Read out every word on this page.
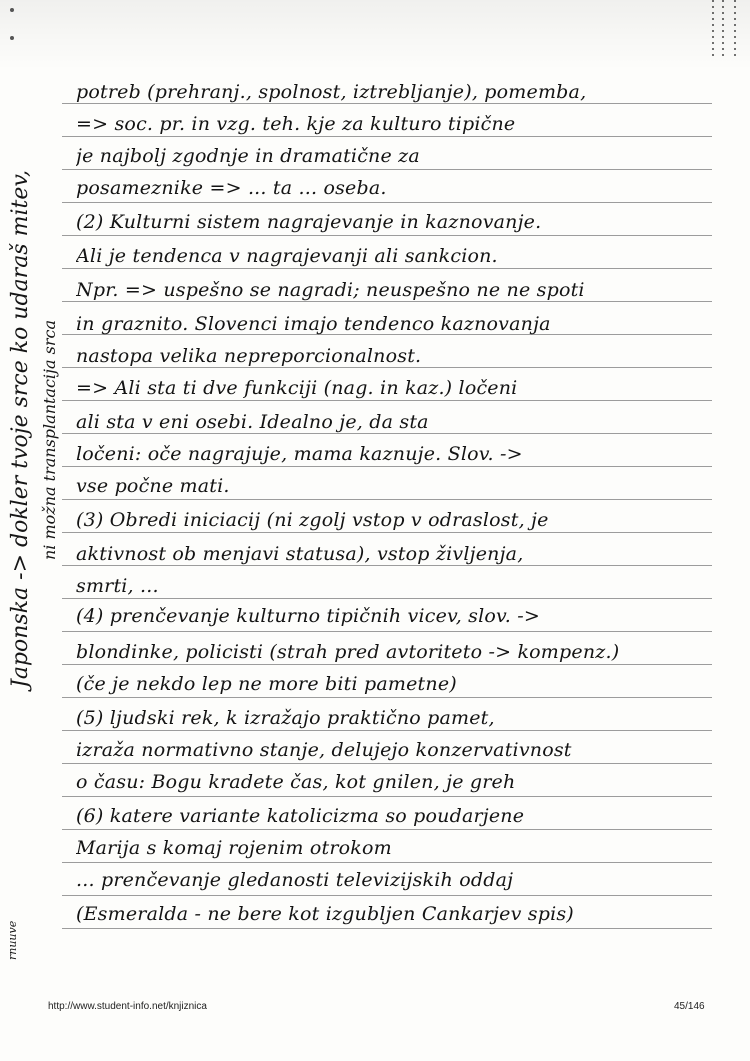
potreb (prehranj., spolnost, iztrebljanje), pomemba,
=> soc. pr. in vzg. teh. kje za kulturo tipične
je najbolj zgodnje in dramatične za
posameznike => ... ta ... oseba.
(2) Kulturni sistem nagrajevanje in kaznovanje.
Ali je tendenca v nagrajevanji ali sankcion.
Npr. => uspešno se nagradi; neuspešno ne ne spoti
in graznito. Slovenci imajo tendenco kaznovanja
nastopa velika nepreporcionalnost.
=> Ali sta ti dve funkciji (nag. in kaz.) ločeni
ali sta v eni osebi. Idealno je, da sta
ločeni: oče nagrajuje, mama kaznuje. Slov. ->
vse počne mati.
(3) Obredi iniciacij (ni zgolj vstop v odraslost, je
aktivnost ob menjavi statusa), vstop življenja,
smrti, ...
(4) prenčevanje kulturno tipičnih vicev, slov. ->
blondinke, policisti (strah pred avtoriteto -> kompenz.)
(če je nekdo lep ne more biti pametne)
(5) ljudski rek, k izražajo praktično pamet,
izraža normativno stanje, delujejo konzervativnost
o času: Bogu kradete čas, kot gnilen, je greh
(6) katere variante katolicizma so poudarjene
Marija s komaj rojenim otrokom
... prenčevanje gledanosti televizijskih oddaj
(Esmeralda - ne bere kot izgubljen Cankarjev spis)
Japonska -> dokler tvoje srce ko udaraš mitev, ni možna transplantacija srca
rnuuve
http://www.student-info.net/knjiznica	45/146
